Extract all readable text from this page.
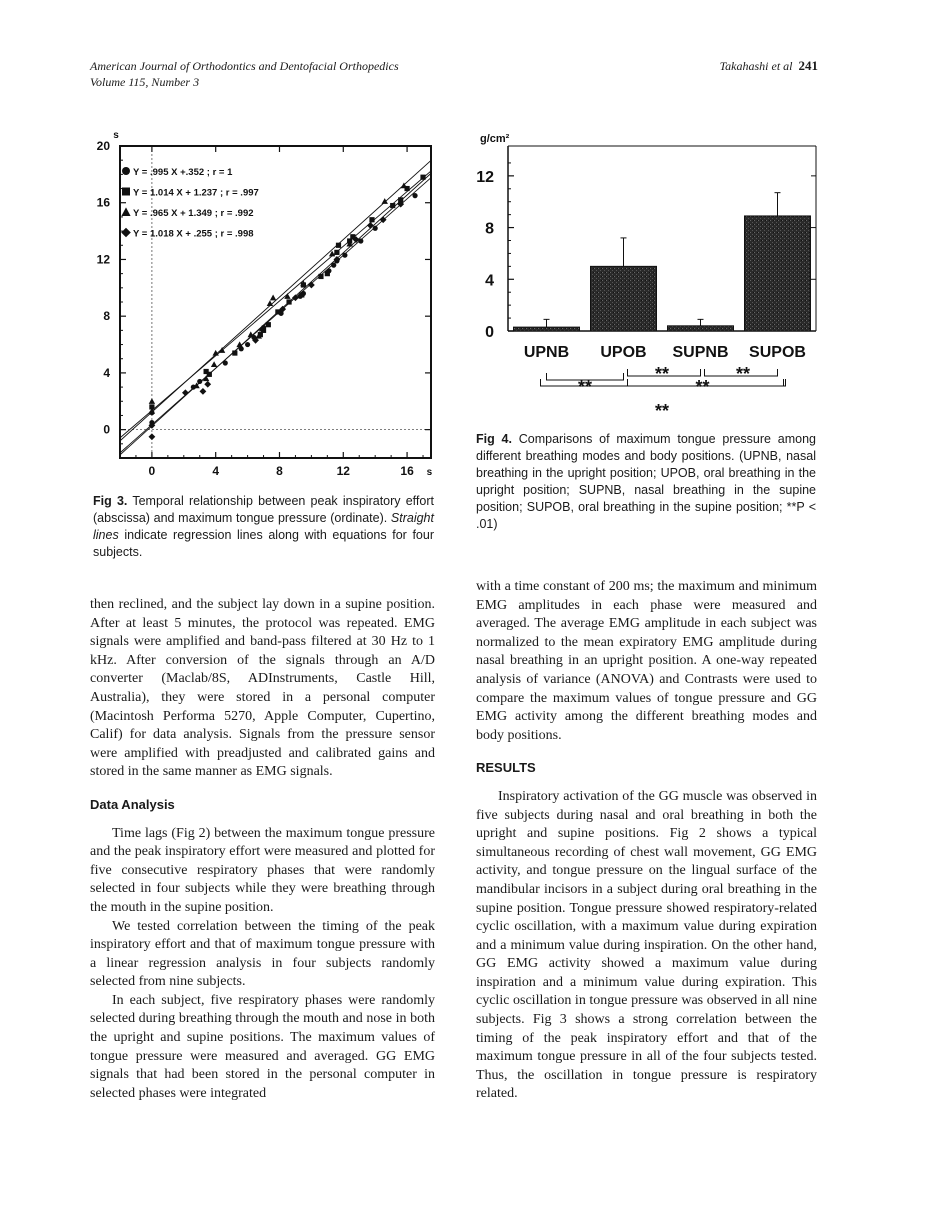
American Journal of Orthodontics and Dentofacial Orthopedics
Volume 115, Number 3
Takahashi et al 241
0	4	8	12	16 s
0
4
8
12
16
20
s
Y = .995 X +.352 ; r = 1
Y = 1.014 X + 1.237 ; r = .997
Y = .965 X + 1.349 ; r = .992
Y = 1.018 X + .255 ; r = .998
Fig 3. Temporal relationship between peak inspiratory effort (abscissa) and maximum tongue pressure (ordinate). Straight lines indicate regression lines along with equations for four subjects.
0
4
8
12
g/cm²
UPNB UPOB SUPNB SUPOB
**
**	**
**
**
Fig 4. Comparisons of maximum tongue pressure among different breathing modes and body positions. (UPNB, nasal breathing in the upright position; UPOB, oral breathing in the upright position; SUPNB, nasal breathing in the supine position; SUPOB, oral breathing in the supine position; **P < .01)

then reclined, and the subject lay down in a supine position. After at least 5 minutes, the protocol was repeated. EMG signals were amplified and band-pass filtered at 30 Hz to 1 kHz. After conversion of the signals through an A/D converter (Maclab/8S, ADInstruments, Castle Hill, Australia), they were stored in a personal computer (Macintosh Performa 5270, Apple Computer, Cupertino, Calif) for data analysis. Signals from the pressure sensor were amplified with preadjusted and calibrated gains and stored in the same manner as EMG signals.

Data Analysis

Time lags (Fig 2) between the maximum tongue pressure and the peak inspiratory effort were measured and plotted for five consecutive respiratory phases that were randomly selected in four subjects while they were breathing through the mouth in the supine position.

We tested correlation between the timing of the peak inspiratory effort and that of maximum tongue pressure with a linear regression analysis in four subjects randomly selected from nine subjects.

In each subject, five respiratory phases were randomly selected during breathing through the mouth and nose in both the upright and supine positions. The maximum values of tongue pressure were measured and averaged. GG EMG signals that had been stored in the personal computer in selected phases were integrated

with a time constant of 200 ms; the maximum and minimum EMG amplitudes in each phase were measured and averaged. The average EMG amplitude in each subject was normalized to the mean expiratory EMG amplitude during nasal breathing in an upright position. A one-way repeated analysis of variance (ANOVA) and Contrasts were used to compare the maximum values of tongue pressure and GG EMG activity among the different breathing modes and body positions.

RESULTS

Inspiratory activation of the GG muscle was observed in five subjects during nasal and oral breathing in both the upright and supine positions. Fig 2 shows a typical simultaneous recording of chest wall movement, GG EMG activity, and tongue pressure on the lingual surface of the mandibular incisors in a subject during oral breathing in the supine position. Tongue pressure showed respiratory-related cyclic oscillation, with a maximum value during expiration and a minimum value during inspiration. On the other hand, GG EMG activity showed a maximum value during inspiration and a minimum value during expiration. This cyclic oscillation in tongue pressure was observed in all nine subjects. Fig 3 shows a strong correlation between the timing of the peak inspiratory effort and that of the maximum tongue pressure in all of the four subjects tested. Thus, the oscillation in tongue pressure is respiratory related.
